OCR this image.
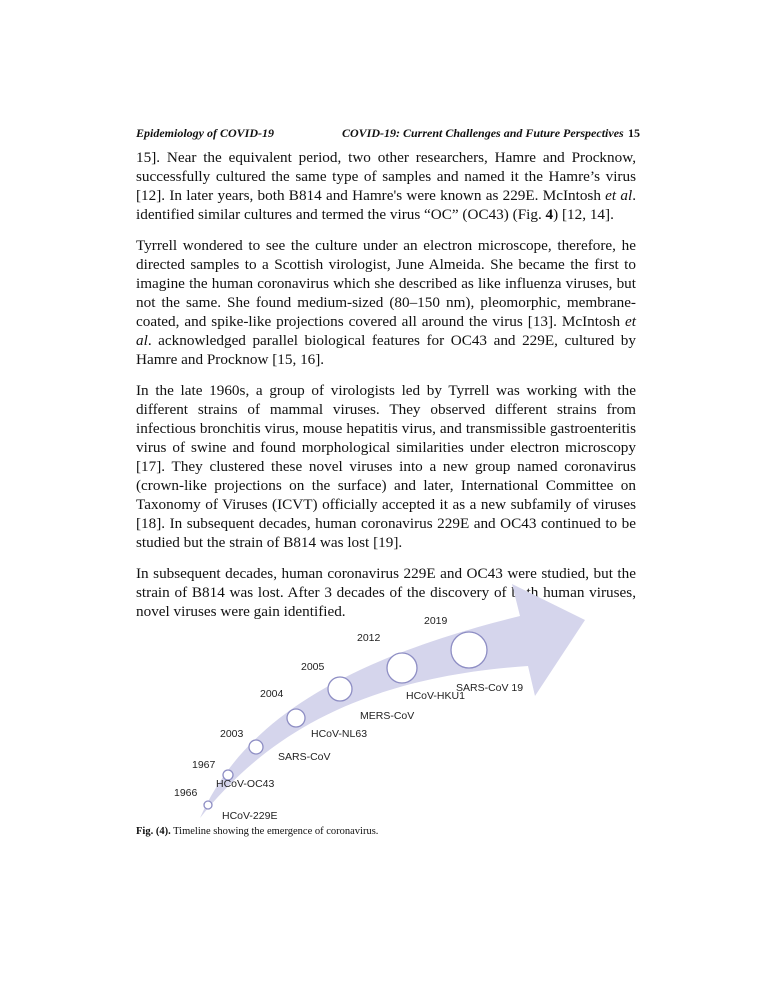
Epidemiology of COVID-19	COVID-19: Current Challenges and Future Perspectives 15

15]. Near the equivalent period, two other researchers, Hamre and Procknow, successfully cultured the same type of samples and named it the Hamre’s virus [12]. In later years, both B814 and Hamre's were known as 229E. McIntosh et al. identified similar cultures and termed the virus “OC” (OC43) (Fig. 4) [12, 14].

Tyrrell wondered to see the culture under an electron microscope, therefore, he directed samples to a Scottish virologist, June Almeida. She became the first to imagine the human coronavirus which she described as like influenza viruses, but not the same. She found medium-sized (80–150 nm), pleomorphic, membrane-coated, and spike-like projections covered all around the virus [13]. McIntosh et al. acknowledged parallel biological features for OC43 and 229E, cultured by Hamre and Procknow [15, 16].

In the late 1960s, a group of virologists led by Tyrrell was working with the different strains of mammal viruses. They observed different strains from infectious bronchitis virus, mouse hepatitis virus, and transmissible gastroenteritis virus of swine and found morphological similarities under electron microscopy [17]. They clustered these novel viruses into a new group named coronavirus (crown-like projections on the surface) and later, International Committee on Taxonomy of Viruses (ICVT) officially accepted it as a new subfamily of viruses [18]. In subsequent decades, human coronavirus 229E and OC43 continued to be studied but the strain of B814 was lost [19].

In subsequent decades, human coronavirus 229E and OC43 were studied, but the strain of B814 was lost. After 3 decades of the discovery of both human viruses, novel viruses were gain identified.

1966
HCoV-229E
1967
HCoV-OC43
2003
SARS-CoV
2004
HCoV-NL63
2005
MERS-CoV
2012
HCoV-HKU1
2019
SARS-CoV 19
Fig. (4). Timeline showing the emergence of coronavirus.
